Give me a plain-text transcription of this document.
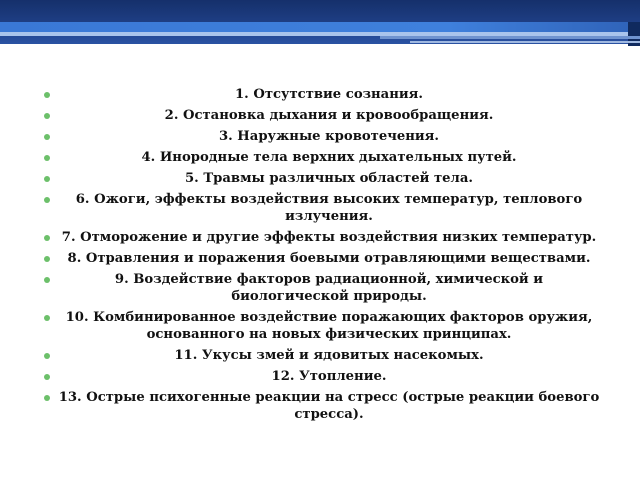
1. Отсутствие сознания.
2. Остановка дыхания и кровообращения.
3. Наружные кровотечения.
4. Инородные тела верхних дыхательных путей.
5. Травмы различных областей тела.
6. Ожоги, эффекты воздействия высоких температур, теплового излучения.
7. Отморожение и другие эффекты воздействия низких температур.
8. Отравления и поражения боевыми отравляющими веществами.
9. Воздействие факторов радиационной, химической и биологической природы.
10. Комбинированное воздействие поражающих факторов оружия, основанного на новых физических принципах.
11. Укусы змей и ядовитых насекомых.
12. Утопление.
13. Острые психогенные реакции на стресс (острые реакции боевого стресса).
